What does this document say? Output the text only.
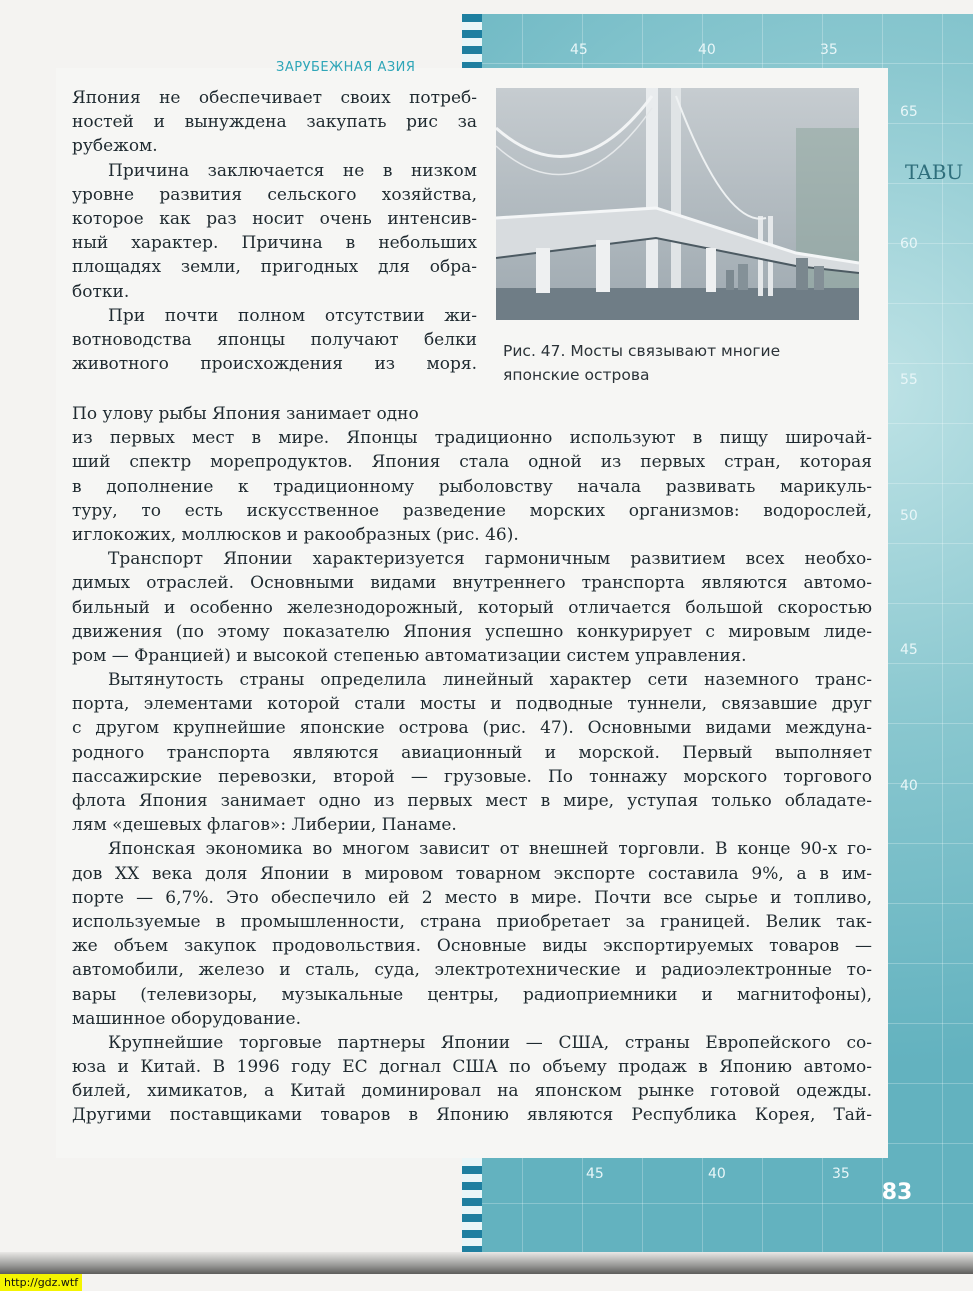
45	40	35
65
60
55
50
45
40
TABU
ЗАРУБЕЖНАЯ АЗИЯ
Рис. 47. Мосты связывают многие
японские острова
Япония не обеспечивает своих потреб-
ностей и вынуждена закупать рис за
рубежом.
Причина заключается не в низком
уровне развития сельского хозяйства,
которое как раз носит очень интенсив-
ный характер. Причина в небольших
площадях земли, пригодных для обра-
ботки.
При почти полном отсутствии жи-
вотноводства японцы получают белки
животного происхождения из моря.
По улову рыбы Япония занимает одно
из первых мест в мире. Японцы традиционно используют в пищу широчай-
ший спектр морепродуктов. Япония стала одной из первых стран, которая
в дополнение к традиционному рыболовству начала развивать марикуль-
туру, то есть искусственное разведение морских организмов: водорослей,
иглокожих, моллюсков и ракообразных (рис. 46).
Транспорт Японии характеризуется гармоничным развитием всех необхо-
димых отраслей. Основными видами внутреннего транспорта являются автомо-
бильный и особенно железнодорожный, который отличается большой скоростью
движения (по этому показателю Япония успешно конкурирует с мировым лиде-
ром — Францией) и высокой степенью автоматизации систем управления.
Вытянутость страны определила линейный характер сети наземного транс-
порта, элементами которой стали мосты и подводные туннели, связавшие друг
с другом крупнейшие японские острова (рис. 47). Основными видами междуна-
родного транспорта являются авиационный и морской. Первый выполняет
пассажирские перевозки, второй — грузовые. По тоннажу морского торгового
флота Япония занимает одно из первых мест в мире, уступая только обладате-
лям «дешевых флагов»: Либерии, Панаме.
Японская экономика во многом зависит от внешней торговли. В конце 90-х го-
дов XX века доля Японии в мировом товарном экспорте составила 9%, а в им-
порте — 6,7%. Это обеспечило ей 2 место в мире. Почти все сырье и топливо,
используемые в промышленности, страна приобретает за границей. Велик так-
же объем закупок продовольствия. Основные виды экспортируемых товаров —
автомобили, железо и сталь, суда, электротехнические и радиоэлектронные то-
вары (телевизоры, музыкальные центры, радиоприемники и магнитофоны),
машинное оборудование.
Крупнейшие торговые партнеры Японии — США, страны Европейского со-
юза и Китай. В 1996 году ЕС догнал США по объему продаж в Японию автомо-
билей, химикатов, а Китай доминировал на японском рынке готовой одежды.
Другими поставщиками товаров в Японию являются Республика Корея, Тай-
45	40	35
83
http://gdz.wtf
